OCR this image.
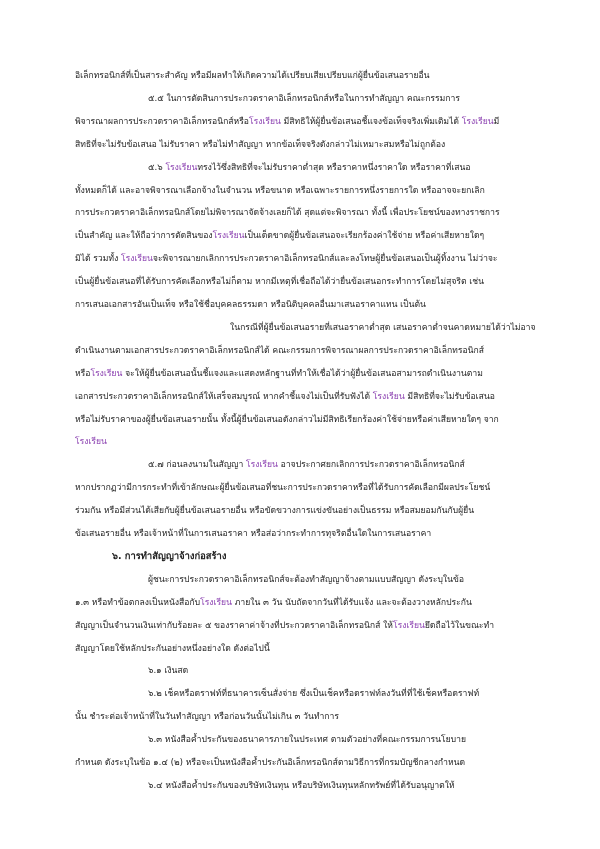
อิเล็กทรอนิกส์ที่เป็นสาระสำคัญ หรือมีผลทำให้เกิดความได้เปรียบเสียเปรียบแก่ผู้ยื่นข้อเสนอรายอื่น
๕.๕ ในการตัดสินการประกวดราคาอิเล็กทรอนิกส์หรือในการทำสัญญา คณะกรรมการ
พิจารณาผลการประกวดราคาอิเล็กทรอนิกส์หรือโรงเรียน มีสิทธิให้ผู้ยื่นข้อเสนอชี้แจงข้อเท็จจริงเพิ่มเติมได้ โรงเรียนมี
สิทธิที่จะไม่รับข้อเสนอ ไม่รับราคา หรือไม่ทำสัญญา หากข้อเท็จจริงดังกล่าวไม่เหมาะสมหรือไม่ถูกต้อง
๕.๖ โรงเรียนทรงไว้ซึ่งสิทธิที่จะไม่รับราคาต่ำสุด หรือราคาหนึ่งราคาใด หรือราคาที่เสนอ
ทั้งหมดก็ได้ และอาจพิจารณาเลือกจ้างในจำนวน หรือขนาด หรือเฉพาะรายการหนึ่งรายการใด หรืออาจจะยกเลิก
การประกวดราคาอิเล็กทรอนิกส์โดยไม่พิจารณาจัดจ้างเลยก็ได้ สุดแต่จะพิจารณา ทั้งนี้ เพื่อประโยชน์ของทางราชการ
เป็นสำคัญ และให้ถือว่าการตัดสินของโรงเรียนเป็นเด็ดขาดผู้ยื่นข้อเสนอจะเรียกร้องค่าใช้จ่าย หรือค่าเสียหายใดๆ
มิได้ รวมทั้ง โรงเรียนจะพิจารณายกเลิกการประกวดราคาอิเล็กทรอนิกส์และลงโทษผู้ยื่นข้อเสนอเป็นผู้ทิ้งงาน ไม่ว่าจะ
เป็นผู้ยื่นข้อเสนอที่ได้รับการคัดเลือกหรือไม่ก็ตาม หากมีเหตุที่เชื่อถือได้ว่ายื่นข้อเสนอกระทำการโดยไม่สุจริต เช่น
การเสนอเอกสารอันเป็นเท็จ หรือใช้ชื่อบุคคลธรรมดา หรือนิติบุคคลอื่นมาเสนอราคาแทน เป็นต้น
ในกรณีที่ผู้ยื่นข้อเสนอรายที่เสนอราคาต่ำสุด เสนอราคาต่ำจนคาดหมายได้ว่าไม่อาจ
ดำเนินงานตามเอกสารประกวดราคาอิเล็กทรอนิกส์ได้ คณะกรรมการพิจารณาผลการประกวดราคาอิเล็กทรอนิกส์
หรือโรงเรียน จะให้ผู้ยื่นข้อเสนอนั้นชี้แจงและแสดงหลักฐานที่ทำให้เชื่อได้ว่าผู้ยื่นข้อเสนอสามารถดำเนินงานตาม
เอกสารประกวดราคาอิเล็กทรอนิกส์ให้เสร็จสมบูรณ์ หากคำชี้แจงไม่เป็นที่รับฟังได้ โรงเรียน มีสิทธิที่จะไม่รับข้อเสนอ
หรือไม่รับราคาของผู้ยื่นข้อเสนอรายนั้น ทั้งนี้ผู้ยื่นข้อเสนอดังกล่าวไม่มีสิทธิเรียกร้องค่าใช้จ่ายหรือค่าเสียหายใดๆ จาก
โรงเรียน
๕.๗ ก่อนลงนามในสัญญา โรงเรียน อาจประกาศยกเลิกการประกวดราคาอิเล็กทรอนิกส์
หากปรากฏว่ามีการกระทำที่เข้าลักษณะผู้ยื่นข้อเสนอที่ชนะการประกวดราคาหรือที่ได้รับการคัดเลือกมีผลประโยชน์
ร่วมกัน หรือมีส่วนได้เสียกับผู้ยื่นข้อเสนอรายอื่น หรือขัดขวางการแข่งขันอย่างเป็นธรรม หรือสมยอมกันกับผู้ยื่น
ข้อเสนอรายอื่น หรือเจ้าหน้าที่ในการเสนอราคา หรือส่อว่ากระทำการทุจริตอื่นใดในการเสนอราคา
๖. การทำสัญญาจ้างก่อสร้าง
ผู้ชนะการประกวดราคาอิเล็กทรอนิกส์จะต้องทำสัญญาจ้างตามแบบสัญญา ดังระบุในข้อ
๑.๓ หรือทำข้อตกลงเป็นหนังสือกับโรงเรียน ภายใน ๓ วัน นับถัดจากวันที่ได้รับแจ้ง และจะต้องวางหลักประกัน
สัญญาเป็นจำนวนเงินเท่ากับร้อยละ ๕ ของราคาค่าจ้างที่ประกวดราคาอิเล็กทรอนิกส์ ให้โรงเรียนยึดถือไว้ในขณะทำ
สัญญาโดยใช้หลักประกันอย่างหนึ่งอย่างใด ดังต่อไปนี้
๖.๑ เงินสด
๖.๒ เช็คหรือดราฟท์ที่ธนาคารเซ็นสั่งจ่าย ซึ่งเป็นเช็คหรือดราฟท์ลงวันที่ที่ใช้เช็คหรือดราฟท์
นั้น ชำระต่อเจ้าหน้าที่ในวันทำสัญญา หรือก่อนวันนั้นไม่เกิน ๓ วันทำการ
๖.๓ หนังสือค้ำประกันของธนาคารภายในประเทศ ตามตัวอย่างที่คณะกรรมการนโยบาย
กำหนด ดังระบุในข้อ ๑.๔ (๒) หรือจะเป็นหนังสือค้ำประกันอิเล็กทรอนิกส์ตามวิธีการที่กรมบัญชีกลางกำหนด
๖.๔ หนังสือค้ำประกันของบริษัทเงินทุน หรือบริษัทเงินทุนหลักทรัพย์ที่ได้รับอนุญาตให้
